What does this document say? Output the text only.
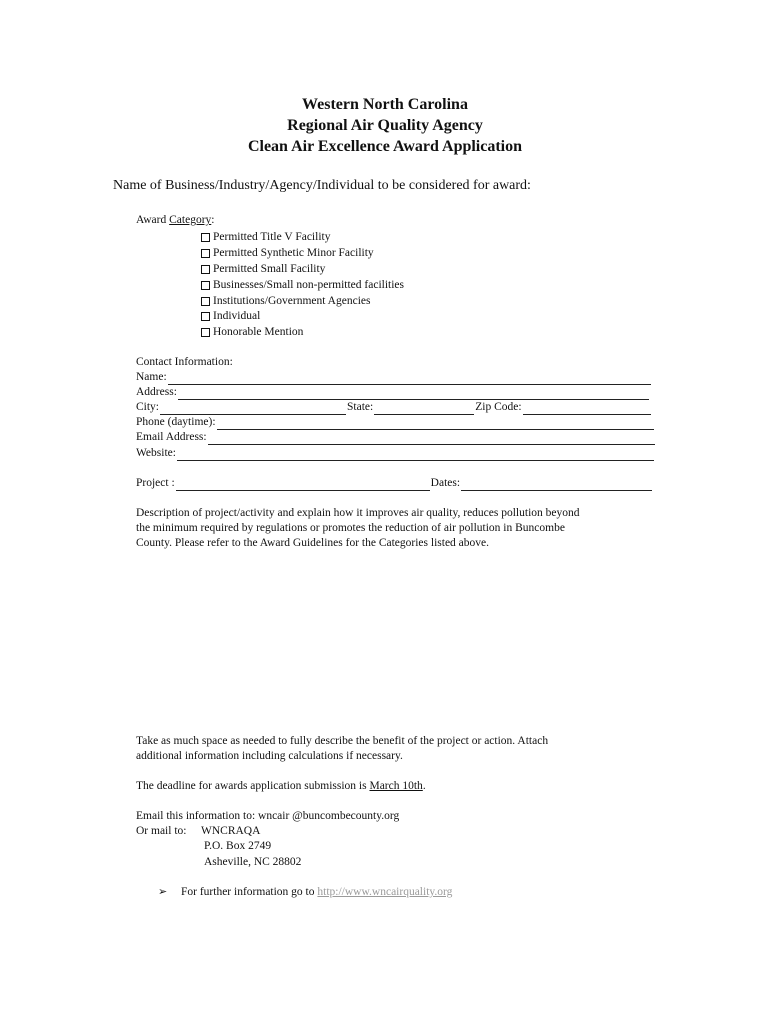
Western North Carolina
Regional Air Quality Agency
Clean Air Excellence Award Application
Name of Business/Industry/Agency/Individual to be considered for award:
Award Category:
Permitted Title V Facility
Permitted Synthetic Minor Facility
Permitted Small Facility
Businesses/Small non-permitted facilities
Institutions/Government Agencies
Individual
Honorable Mention
Contact Information:
Name:
Address:
City:	State:	Zip Code:
Phone (daytime):
Email Address:
Website:
Project :	Dates:
Description of project/activity and explain how it improves air quality, reduces pollution beyond
the minimum required by regulations or promotes the reduction of air pollution in Buncombe
County. Please refer to the Award Guidelines for the Categories listed above.
Take as much space as needed to fully describe the benefit of the project or action. Attach
additional information including calculations if necessary.
The deadline for awards application submission is March 10th.
Email this information to: wncair @buncombecounty.org
Or mail to: WNCRAQA
P.O. Box 2749
Asheville, NC 28802
➢ For further information go to http://www.wncairquality.org
